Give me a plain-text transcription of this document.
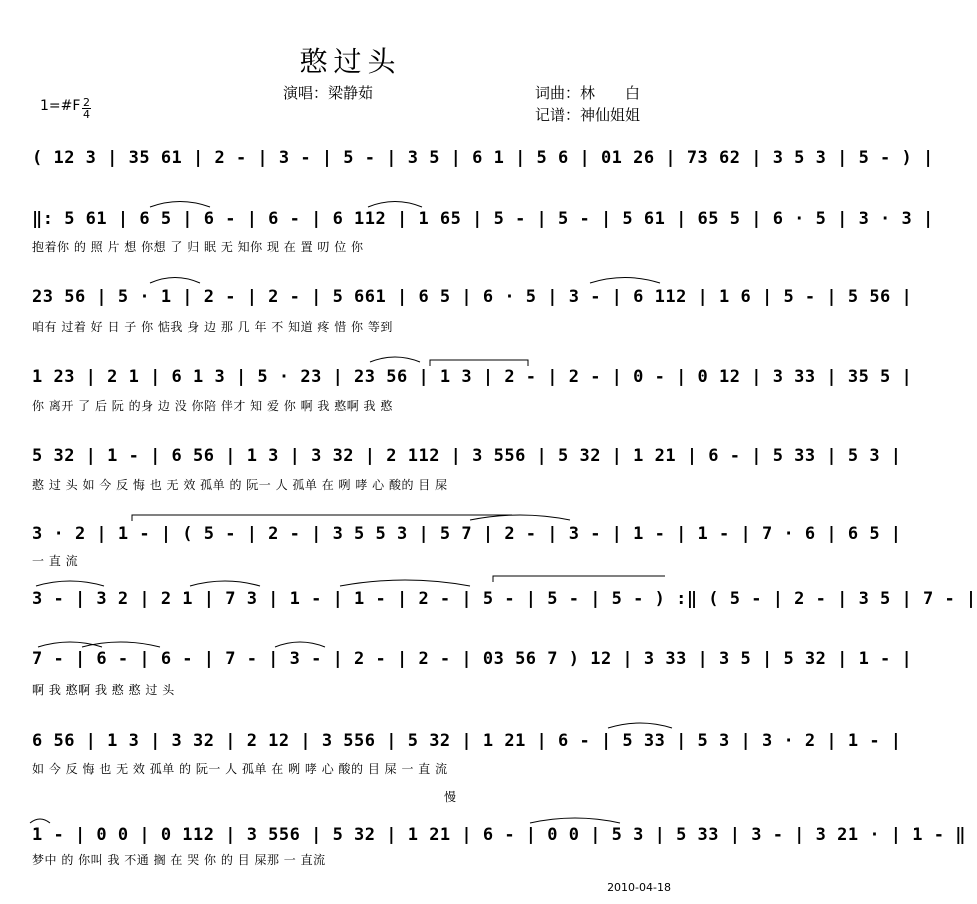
憨过头
演唱：梁静茹	词曲：林　　白
记谱：神仙姐姐
1=#F 2
4
( 12 3 | 35 61 | 2 - | 3 - | 5 - | 3 5 | 6 1 | 5 6 | 01 26 | 73 62 | 3 5 3 | 5 - ) |
‖: 5 61 | 6 5 | 6 - | 6 - | 6 112 | 1 65 | 5 - | 5 - | 5 61 | 65 5 | 6 · 5 | 3 · 3 |
抱着你 的 照 片 想 你想 了 归 眠 无 知你 现 在 置 叨 位 你
23 56 | 5 · 1 | 2 - | 2 - | 5 661 | 6 5 | 6 · 5 | 3 - | 6 112 | 1 6 | 5 - | 5 56 |
咱有 过着 好 日 子 你 惦我 身 边 那 几 年 不 知道 疼 惜 你 等到
1 23 | 2 1 | 6 1 3 | 5 · 23 | 23 56 | 1 3 | 2 - | 2 - | 0 - | 0 12 | 3 33 | 35 5 |
你 离开 了 后 阮 的身 边 没 你陪 伴才 知 爱 你 啊 我 憨啊 我 憨
5 32 | 1 - | 6 56 | 1 3 | 3 32 | 2 112 | 3 556 | 5 32 | 1 21 | 6 - | 5 33 | 5 3 |
憨 过 头 如 今 反 悔 也 无 效 孤单 的 阮一 人 孤单 在 咧 哮 心 酸的 目 屎
3 · 2 | 1 - | ( 5 - | 2 - | 3 5 5 3 | 5 7 | 2 - | 3 - | 1 - | 1 - | 7 · 6 | 6 5 |
一 直 流
3 - | 3 2 | 2 1 | 7 3 | 1 - | 1 - | 2 - | 5 - | 5 - | 5 - ) :‖ ( 5 - | 2 - | 3 5 | 7 - |
7 - | 6 - | 6 - | 7 - | 3 - | 2 - | 2 - | 03 56 7 ) 12 | 3 33 | 3 5 | 5 32 | 1 - |
啊 我 憨啊 我 憨 憨 过 头
6 56 | 1 3 | 3 32 | 2 12 | 3 556 | 5 32 | 1 21 | 6 - | 5 33 | 5 3 | 3 · 2 | 1 - |
如 今 反 悔 也 无 效 孤单 的 阮一 人 孤单 在 咧 哮 心 酸的 目 屎 一 直 流
慢
1 - | 0 0 | 0 112 | 3 556 | 5 32 | 1 21 | 6 - | 0 0 | 5 3 | 5 33 | 3 - | 3 21 · | 1 - ‖
梦中 的 你叫 我 不通 搁 在 哭 你 的 目 屎那 一 直流
2010-04-18
